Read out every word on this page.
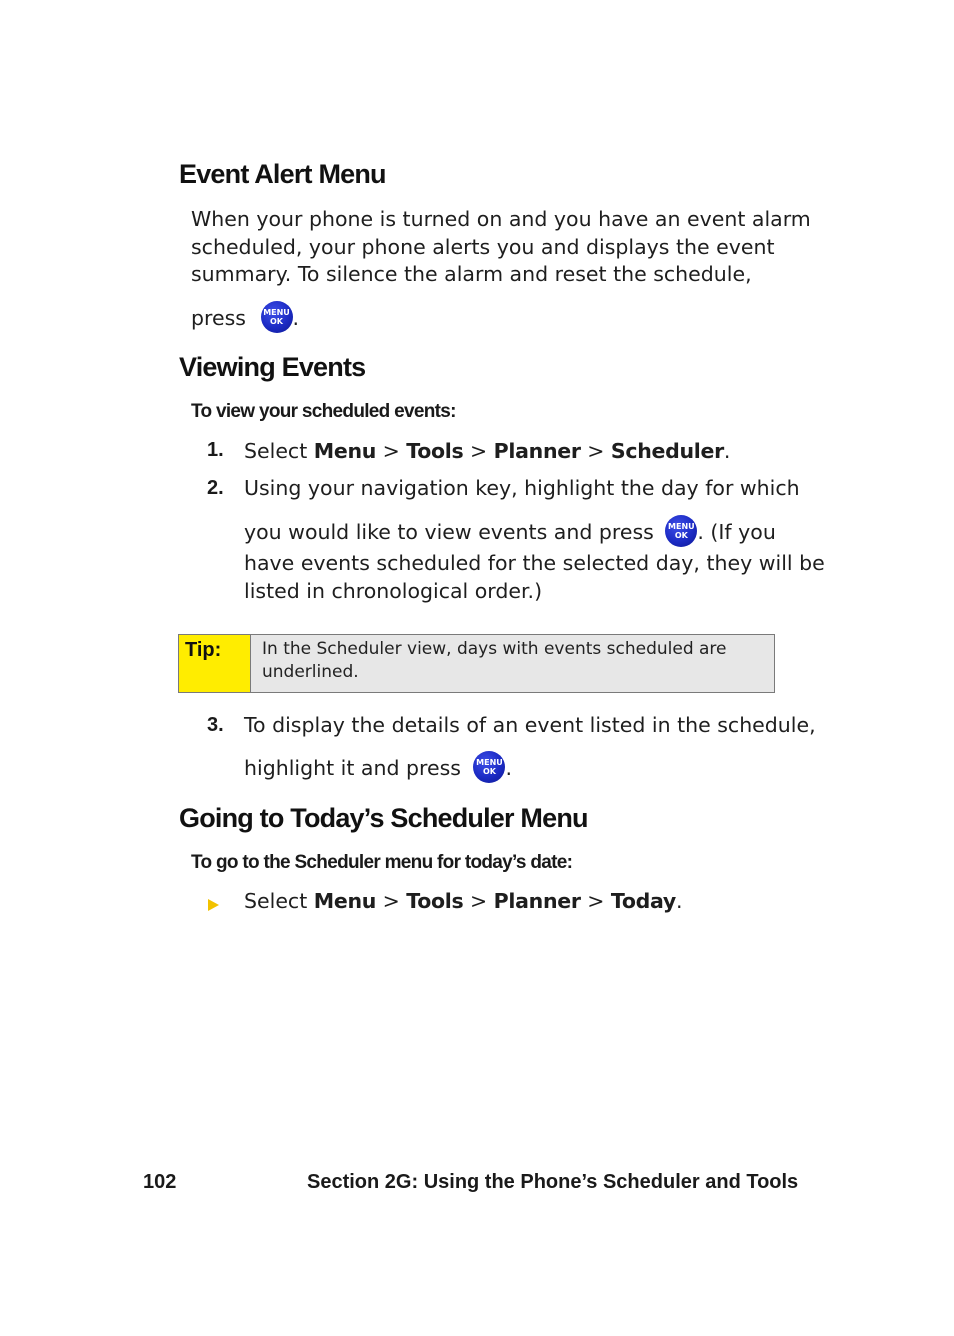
Event Alert Menu
When your phone is turned on and you have an event alarm
scheduled, your phone alerts you and displays the event
summary. To silence the alarm and reset the schedule,
press	MENU
OK .
Viewing Events
To view your scheduled events:
1. Select Menu > Tools > Planner > Scheduler.
2. Using your navigation key, highlight the day for which
you would like to view events and press	MENU
OK . (If you
have events scheduled for the selected day, they will be
listed in chronological order.)
Tip: In the Scheduler view, days with events scheduled are
underlined.
3. To display the details of an event listed in the schedule,
highlight it and press	MENU
OK .
Going to Today’s Scheduler Menu
To go to the Scheduler menu for today’s date:
Select Menu > Tools > Planner > Today.
102	Section 2G: Using the Phone’s Scheduler and Tools
